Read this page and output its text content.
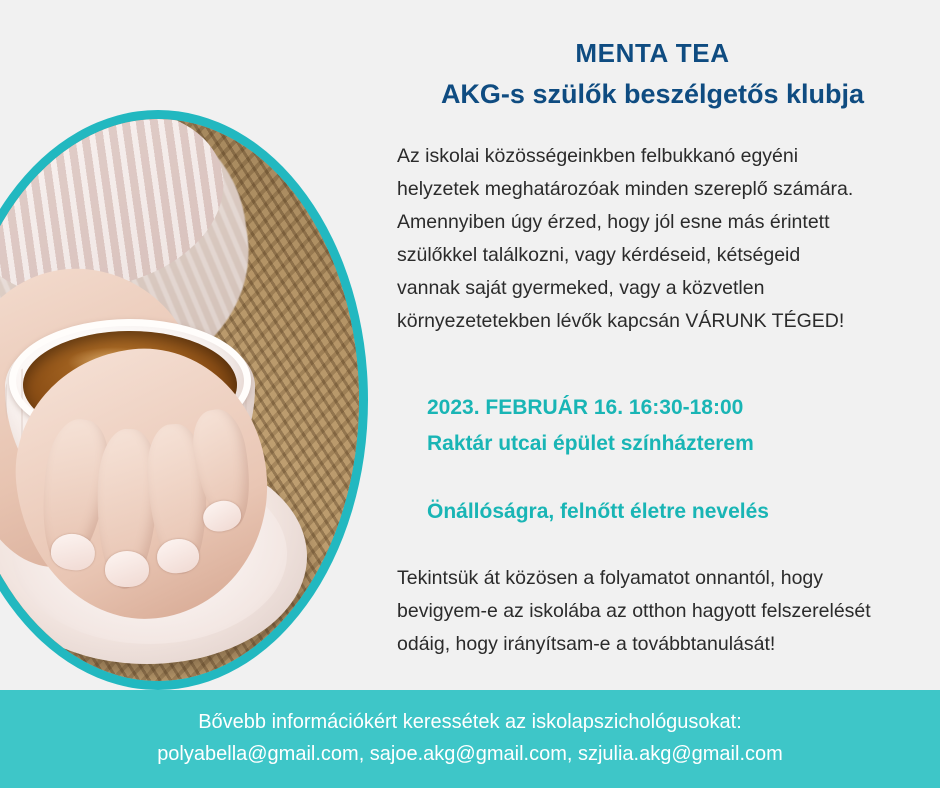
MENTA TEA
AKG-s szülők beszélgetős klubja
Az iskolai közösségeinkben felbukkanó egyéni helyzetek meghatározóak minden szereplő számára. Amennyiben úgy érzed, hogy jól esne más érintett szülőkkel találkozni, vagy kérdéseid, kétségeid vannak saját gyermeked, vagy a közvetlen környezetetekben lévők kapcsán VÁRUNK TÉGED!
2023. FEBRUÁR 16. 16:30-18:00
Raktár utcai épület színházterem
Önállóságra, felnőtt életre nevelés
Tekintsük át közösen a folyamatot onnantól, hogy bevigyem-e az iskolába az otthon hagyott felszerelését odáig, hogy irányítsam-e a továbbtanulását!
Bővebb információkért keressétek az iskolapszichológusokat:
polyabella@gmail.com, sajoe.akg@gmail.com, szjulia.akg@gmail.com
